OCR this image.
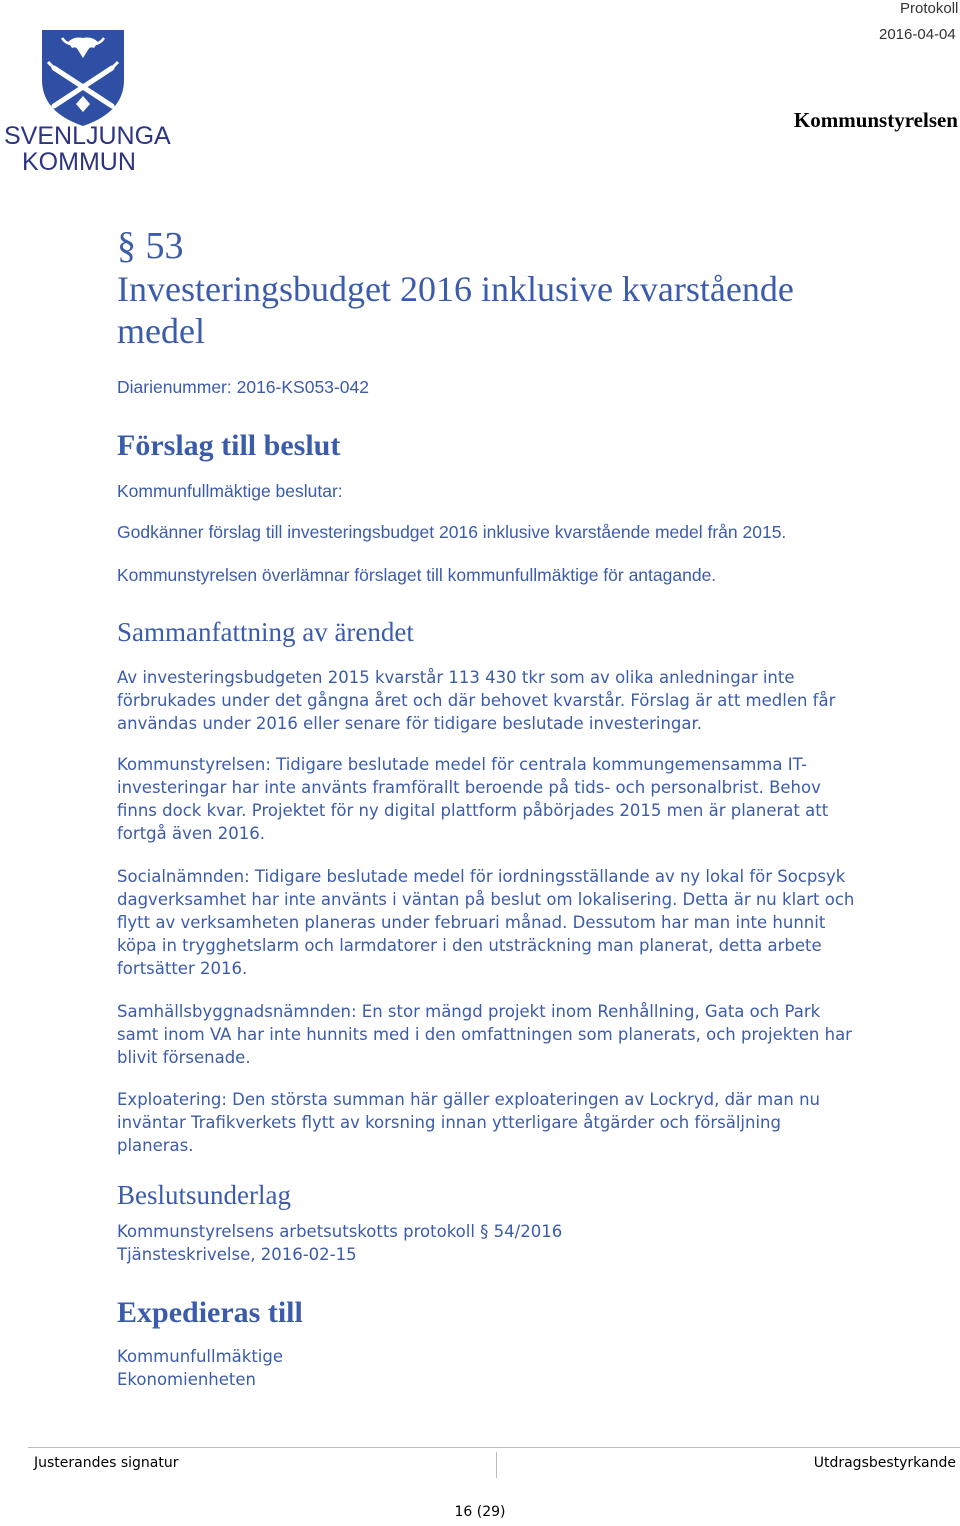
SVENLJUNGA
KOMMUN
Protokoll
2016-04-04
Kommunstyrelsen
§ 53
Investeringsbudget 2016 inklusive kvarstående medel
Diarienummer: 2016-KS053-042
Förslag till beslut
Kommunfullmäktige beslutar:
Godkänner förslag till investeringsbudget 2016 inklusive kvarstående medel från 2015.
Kommunstyrelsen överlämnar förslaget till kommunfullmäktige för antagande.
Sammanfattning av ärendet
Av investeringsbudgeten 2015 kvarstår 113 430 tkr som av olika anledningar inte
förbrukades under det gångna året och där behovet kvarstår. Förslag är att medlen får
användas under 2016 eller senare för tidigare beslutade investeringar.
Kommunstyrelsen: Tidigare beslutade medel för centrala kommungemensamma IT-
investeringar har inte använts framförallt beroende på tids- och personalbrist. Behov
finns dock kvar. Projektet för ny digital plattform påbörjades 2015 men är planerat att
fortgå även 2016.
Socialnämnden: Tidigare beslutade medel för iordningsställande av ny lokal för Socpsyk
dagverksamhet har inte använts i väntan på beslut om lokalisering. Detta är nu klart och
flytt av verksamheten planeras under februari månad. Dessutom har man inte hunnit
köpa in trygghetslarm och larmdatorer i den utsträckning man planerat, detta arbete
fortsätter 2016.
Samhällsbyggnadsnämnden: En stor mängd projekt inom Renhållning, Gata och Park
samt inom VA har inte hunnits med i den omfattningen som planerats, och projekten har
blivit försenade.
Exploatering: Den största summan här gäller exploateringen av Lockryd, där man nu
inväntar Trafikverkets flytt av korsning innan ytterligare åtgärder och försäljning
planeras.
Beslutsunderlag
Kommunstyrelsens arbetsutskotts protokoll § 54/2016
Tjänsteskrivelse, 2016-02-15
Expedieras till
Kommunfullmäktige
Ekonomienheten
Justerandes signatur	Utdragsbestyrkande
16 (29)
